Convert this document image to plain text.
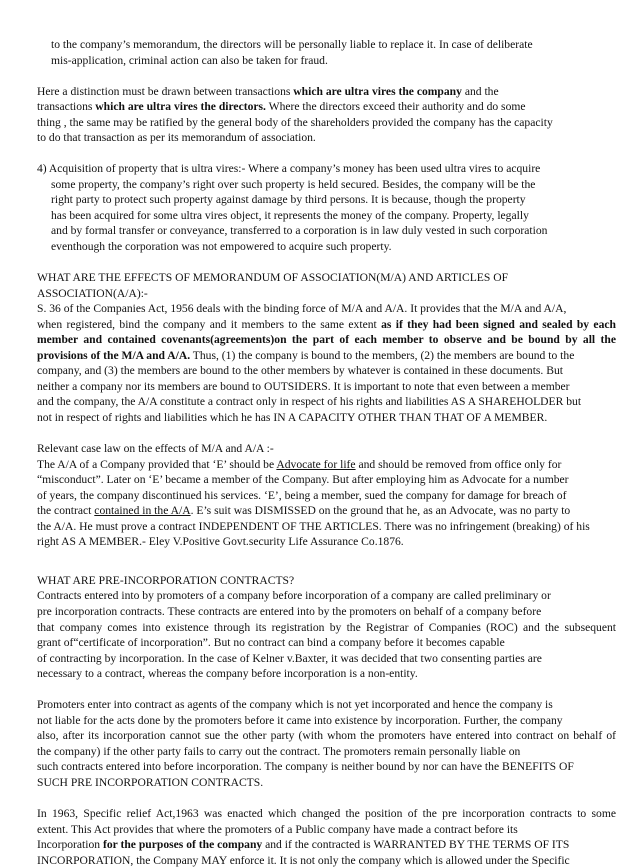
to the company’s memorandum, the directors will be personally liable to replace it. In case of deliberate
mis-application, criminal action can also be taken for fraud.
Here a distinction must be drawn between transactions which are ultra vires the company and the
transactions which are ultra vires the directors. Where the directors exceed their authority and do some
thing , the same may be ratified by the general body of the shareholders provided the company has the capacity
to do that transaction as per its memorandum of association.
4) Acquisition of property that is ultra vires:- Where a company’s money has been used ultra vires to acquire
some property, the company’s right over such property is held secured. Besides, the company will be the
right party to protect such property against damage by third persons. It is because, though the property
has been acquired for some ultra vires object, it represents the money of the company. Property, legally
and by formal transfer or conveyance, transferred to a corporation is in law duly vested in such corporation
eventhough the corporation was not empowered to acquire such property.
WHAT ARE THE EFFECTS OF MEMORANDUM OF ASSOCIATION(M/A) AND ARTICLES OF
ASSOCIATION(A/A):-
S. 36 of the Companies Act, 1956 deals with the binding force of M/A and A/A. It provides that the M/A and A/A,
when registered, bind the company and it members to the same extent as if they had been signed and sealed by each
member and contained covenants(agreements)on the part of each member to observe and be bound by all the
provisions of the M/A and A/A. Thus, (1) the company is bound to the members, (2) the members are bound to the
company, and (3) the members are bound to the other members by whatever is contained in these documents. But
neither a company nor its members are bound to OUTSIDERS. It is important to note that even between a member
and the company, the A/A constitute a contract only in respect of his rights and liabilities AS A SHAREHOLDER but
not in respect of rights and liabilities which he has IN A CAPACITY OTHER THAN THAT OF A MEMBER.
Relevant case law on the effects of M/A and A/A :-
The A/A of a Company provided that ‘E’ should be Advocate for life and should be removed from office only for
“misconduct”. Later on ‘E’ became a member of the Company. But after employing him as Advocate for a number
of years, the company discontinued his services. ‘E’, being a member, sued the company for damage for breach of
the contract contained in the A/A. E’s suit was DISMISSED on the ground that he, as an Advocate, was no party to
the A/A. He must prove a contract INDEPENDENT OF THE ARTICLES. There was no infringement (breaking) of his
right AS A MEMBER.- Eley V.Positive Govt.security Life Assurance Co.1876.
WHAT ARE PRE-INCORPORATION CONTRACTS?
Contracts entered into by promoters of a company before incorporation of a company are called preliminary or
pre incorporation contracts. These contracts are entered into by the promoters on behalf of a company before
that company comes into existence through its registration by the Registrar of Companies (ROC) and the subsequent
grant of“certificate of incorporation”. But no contract can bind a company before it becomes capable
of contracting by incorporation. In the case of Kelner v.Baxter, it was decided that two consenting parties are
necessary to a contract, whereas the company before incorporation is a non-entity.
Promoters enter into contract as agents of the company which is not yet incorporated and hence the company is
not liable for the acts done by the promoters before it came into existence by incorporation. Further, the company
also, after its incorporation cannot sue the other party (with whom the promoters have entered into contract on behalf of
the company) if the other party fails to carry out the contract. The promoters remain personally liable on
such contracts entered into before incorporation. The company is neither bound by nor can have the BENEFITS OF
SUCH PRE INCORPORATION CONTRACTS.
In 1963, Specific relief Act,1963 was enacted which changed the position of the pre incorporation contracts to some
extent. This Act provides that where the promoters of a Public company have made a contract before its
Incorporation for the purposes of the company and if the contracted is WARRANTED BY THE TERMS OF ITS
INCORPORATION, the Company MAY enforce it. It is not only the company which is allowed under the Specific
